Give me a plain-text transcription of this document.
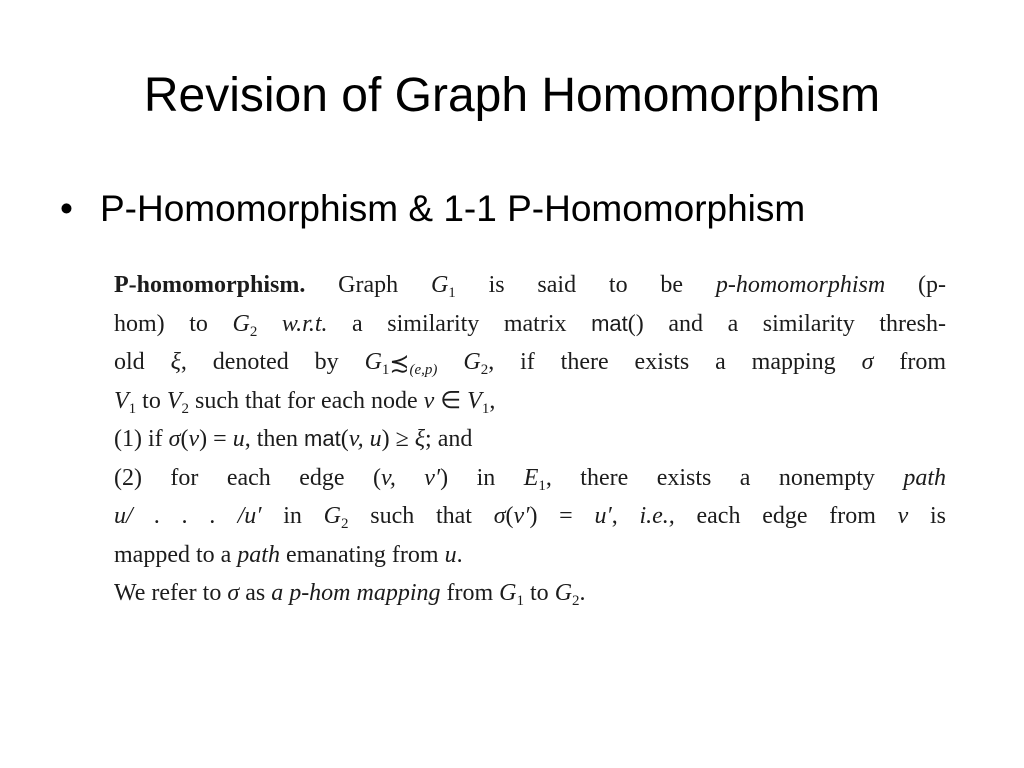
Revision of Graph Homomorphism
• P-Homomorphism & 1-1 P-Homomorphism
P-homomorphism. Graph $G_1$ is said to be p-homomorphism (p-
hom) to $G_2$ w.r.t. a similarity matrix mat() and a similarity thresh-
old ξ, denoted by $G_1≾_{(e,p)}$ $G_2$, if there exists a mapping σ from
$V_1$ to $V_2$ such that for each node v ∈ $V_1$,
(1) if σ(v) = u, then mat(v, u) ≥ ξ; and
(2) for each edge (v, v′) in $E_1$, there exists a nonempty path
u/ . . . /u′ in $G_2$ such that σ(v′) = u′, i.e., each edge from v is
mapped to a path emanating from u.
We refer to σ as a p-hom mapping from $G_1$ to $G_2$.
